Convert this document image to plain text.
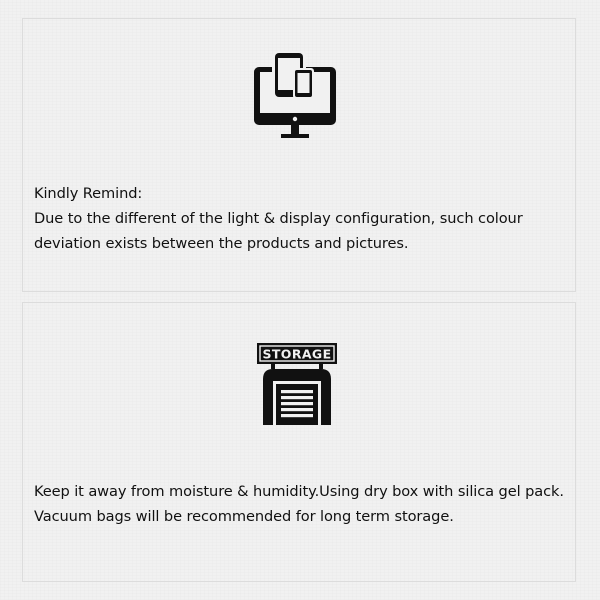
Kindly Remind:

Due to the different of the light & display configuration, such colour deviation exists between the products and pictures.

STORAGE

Keep it away from moisture & humidity.Using dry box with silica gel pack.

Vacuum bags will be recommended for long term storage.
